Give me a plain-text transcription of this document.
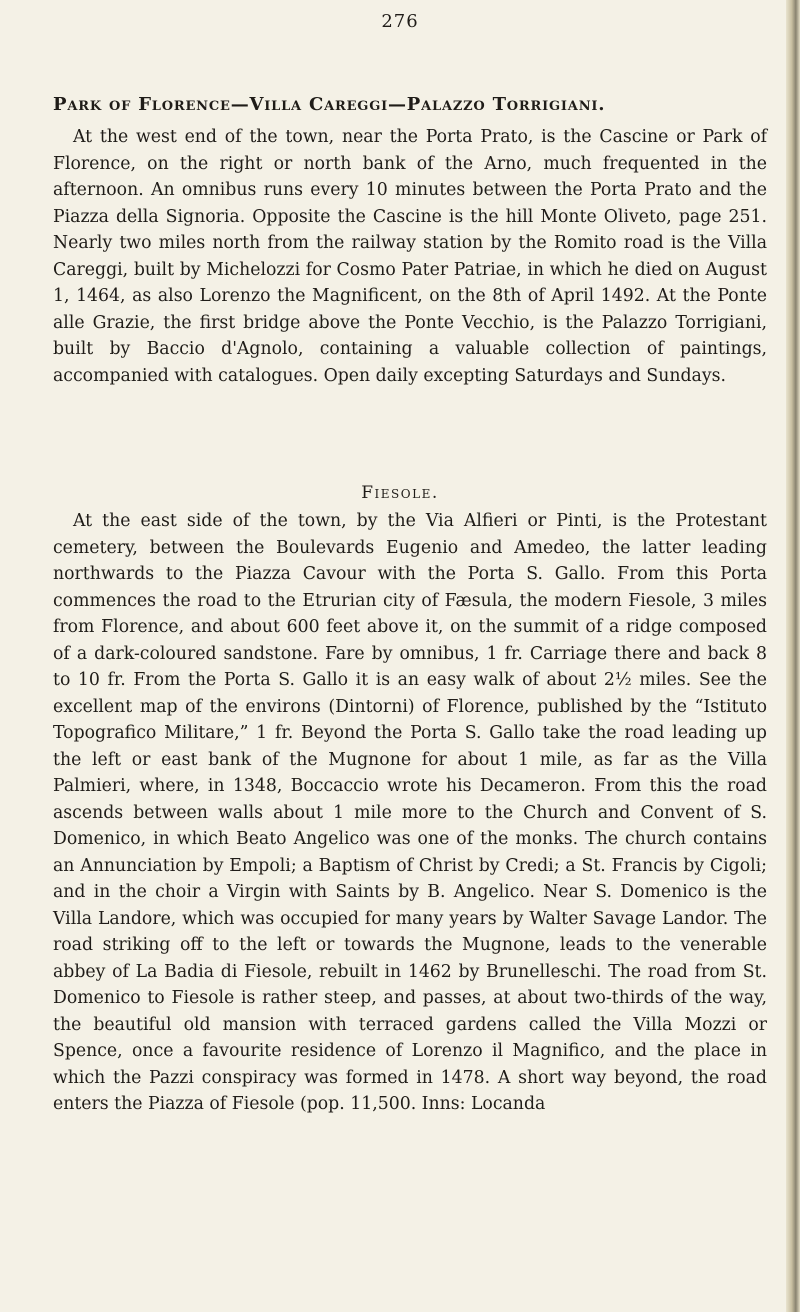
276
Park of Florence—Villa Careggi—Palazzo Torrigiani.

At the west end of the town, near the Porta Prato, is the Cascine or Park of Florence, on the right or north bank of the Arno, much frequented in the afternoon. An omnibus runs every 10 minutes between the Porta Prato and the Piazza della Signoria. Opposite the Cascine is the hill Monte Oliveto, page 251. Nearly two miles north from the railway station by the Romito road is the Villa Careggi, built by Michelozzi for Cosmo Pater Patriae, in which he died on August 1, 1464, as also Lorenzo the Magnificent, on the 8th of April 1492. At the Ponte alle Grazie, the first bridge above the Ponte Vecchio, is the Palazzo Torrigiani, built by Baccio d'Agnolo, containing a valuable collection of paintings, accompanied with catalogues. Open daily excepting Saturdays and Sundays.

Fiesole.

At the east side of the town, by the Via Alfieri or Pinti, is the Protestant cemetery, between the Boulevards Eugenio and Amedeo, the latter leading northwards to the Piazza Cavour with the Porta S. Gallo. From this Porta commences the road to the Etrurian city of Fæsula, the modern Fiesole, 3 miles from Florence, and about 600 feet above it, on the summit of a ridge composed of a dark-coloured sandstone. Fare by omnibus, 1 fr. Carriage there and back 8 to 10 fr. From the Porta S. Gallo it is an easy walk of about 2½ miles. See the excellent map of the environs (Dintorni) of Florence, published by the “Istituto Topografico Militare,” 1 fr. Beyond the Porta S. Gallo take the road leading up the left or east bank of the Mugnone for about 1 mile, as far as the Villa Palmieri, where, in 1348, Boccaccio wrote his Decameron. From this the road ascends between walls about 1 mile more to the Church and Convent of S. Domenico, in which Beato Angelico was one of the monks. The church contains an Annunciation by Empoli; a Baptism of Christ by Credi; a St. Francis by Cigoli; and in the choir a Virgin with Saints by B. Angelico. Near S. Domenico is the Villa Landore, which was occupied for many years by Walter Savage Landor. The road striking off to the left or towards the Mugnone, leads to the venerable abbey of La Badia di Fiesole, rebuilt in 1462 by Brunelleschi. The road from St. Domenico to Fiesole is rather steep, and passes, at about two-thirds of the way, the beautiful old mansion with terraced gardens called the Villa Mozzi or Spence, once a favourite residence of Lorenzo il Magnifico, and the place in which the Pazzi conspiracy was formed in 1478. A short way beyond, the road enters the Piazza of Fiesole (pop. 11,500. Inns: Locanda
